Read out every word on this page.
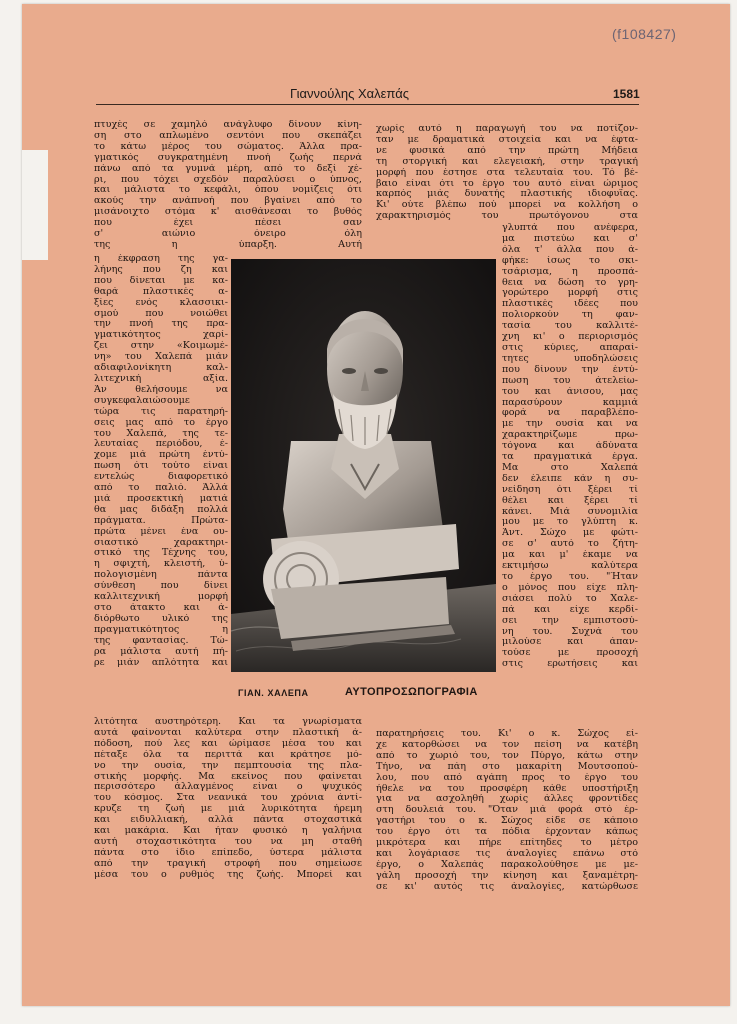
(f108427)
Γιαννούλης Χαλεπάς	1581
πτυχές σε χαμηλό ανάγλυφο δίνουν κίνη-
ση στο απλωμένο σεντόνι που σκεπάζει
το κάτω μέρος του σώματος. Άλλα πρα-
γματικός συγκρατημένη πνοή ζωής περνά
πάνω από τα γυμνά μέρη, από το δεξί χέ-
ρι, που τόχει σχεδόν παραλύσει ο ύπνος,
και μάλιστα το κεφάλι, όπου νομίζεις ότι
ακούς την ανάπνοή που βγαίνει από το
μισάνοιχτο στόμα κ' αισθάνεσαι το βυθός
που έχει πέσει σαν
σ' αιώνιο όνειρο όλη
της η ύπαρξη. Αυτή
η έκφραση της γα-
λήνης που ζη και
που δίνεται με κα-
θαρά πλαστικές α-
ξίες ενός κλασσικι-
σμού που νοιώθει
την πνοή της πρα-
γματικότητος χαρί-
ζει στην «Κοιμωμέ-
νη» του Χαλεπά μιάν
αδιαφιλονίκητη καλ-
λιτεχνική αξία.
Άν θελήσουμε να
συγκεφαλαιώσουμε
τώρα τις παρατηρή-
σεις μας από το έργο
του Χαλεπά, της τε-
λευταίας περιόδου, έ-
χομε μιά πρώτη έντύ-
πωση ότι τούτο είναι
εντελώς διαφορετικό
από το παλιό. Άλλά
μιά προσεκτική ματιά
θα μας διδάξη πολλά
πράγματα. Πρώτα-
πρώτα μένει ένα ου-
σιαστικό χαρακτηρι-
στικό της Τέχνης του,
η σφιχτή, κλειστή, ύ-
πολογισμένη πάντα
σύνθεση που δίνει
καλλιτεχνική μορφή
στο άτακτο και ά-
διόρθωτο υλικό της
πραγματικότητος η
της φαντασίας. Τώ-
ρα μάλιστα αυτή πή-
ρε μιάν απλότητα και
λιτότητα αυστηρότερη. Και τα γνωρίσματα
αυτά φαίνονται καλύτερα στην πλαστική ά-
πόδοση, πού λες και ώρίμασε μέσα του και
πέταξε όλα τα περιττά και κράτησε μό-
νο την ουσία, την πεμπτουσία της πλα-
στικής μορφής. Μα εκείνος που φαίνεται
περισσότερο άλλαγμένος είναι ο ψυχικός
του κόσμος. Στα νεανικά του χρόνια άντί-
κρυζε τη ζωή με μιά λυρικότητα ήρεμη
και ειδυλλιακή, αλλά πάντα στοχαστικά
και μακάρια. Και ήταν φυσικό η γαλήνια
αυτή στοχαστικότητα του να μη σταθή
πάντα στο ίδιο επίπεδο, ύστερα μάλιστα
από την τραγική στροφή που σημείωσε
μέσα του ο ρυθμός της ζωής. Μπορεί και
χωρίς αυτό η παραγωγή του να ποτίζον-
ταν με δραματικά στοιχεία και να έφτα-
νε φυσικά από την πρώτη Μήδεια
τη στοργική και ελεγειακή, στην τραγική
μορφή που έστησε στα τελευταία του. Τό βέ-
βαιο είναι ότι το έργο του αυτό είναι ώριμος
καρπός μιάς δυνατής πλαστικής ιδιοφυΐας.
Κι' ούτε βλέπω πού μπορεί να κολλήση ο
χαρακτηρισμός του πρωτόγονου στα
γλυπτά που ανέφερα,
μα πιστεύω και σ'
όλα τ' άλλα που ά-
φήκε: ίσως το σκι-
τσάρισμα, η προσπά-
θεια να δώση το γρη-
γορώτερο μορφή στις
πλαστικές ιδέες που
πολιορκούν τη φαν-
τασία του καλλιτέ-
χνη κι' ο περιορισμός
στις κύριες, απαραί-
τητες υποδηλώσεις
που δίνουν την έντύ-
πωση του άτελείω-
του και άνισου, μας
παρασύρουν καμμιά
φορά να παραβλέπο-
με την ουσία και να
χαρακτηρίζωμε πρω-
τόγονα και άδύνατα
τα πραγματικά έργα.
Μα στο Χαλεπά
δεν έλειπε κάν η συ-
νείδηση ότι ξέρει τί
θέλει και ξέρει τί
κάνει. Μιά συνομιλία
μου με το γλύπτη κ.
Άντ. Σώχο με φώτι-
σε σ' αυτό το ζήτη-
μα και μ' έκαμε να
εκτιμήσω καλύτερα
το έργο του. "Ήταν
ο μόνος που είχε πλη-
σιάσει πολύ το Χαλε-
πά και είχε κερδί-
σει την εμπιστοσύ-
νη του. Συχνά του
μιλούσε και άπαν-
τούσε με προσοχή
στις ερωτήσεις και
παρατηρήσεις του. Κι' ο κ. Σώχος εί-
χε κατορθώσει να τον πείση να κατέβη
από το χωριό του, τον Πύργο, κάτω στην
Τήνο, να πάη στο μακαρίτη Μουτσοπού-
λου, που από αγάπη προς το έργο του
ήθελε να του προσφέρη κάθε υποστήριξη
για να ασχοληθή χωρίς άλλες φροντίδες
στη δουλειά του. "Όταν μιά φορά στό έρ-
γαστήρι του ο κ. Σώχος είδε σε κάποιο
του έργο ότι τα πόδια έρχονταν κάπως
μικρότερα και πήρε επίτηδες το μέτρο
και λογάριασε τις άναλογίες επάνω στό
έργο, ο Χαλεπάς παρακολούθησε με με-
γάλη προσοχή την κίνηση και ξαναμέτρη-
σε κι' αυτός τις άναλογίες, κατώρθωσε
ΓΙΑΝ. ΧΑΛΕΠΑ	ΑΥΤΟΠΡΟΣΩΠΟΓΡΑΦΙΑ
